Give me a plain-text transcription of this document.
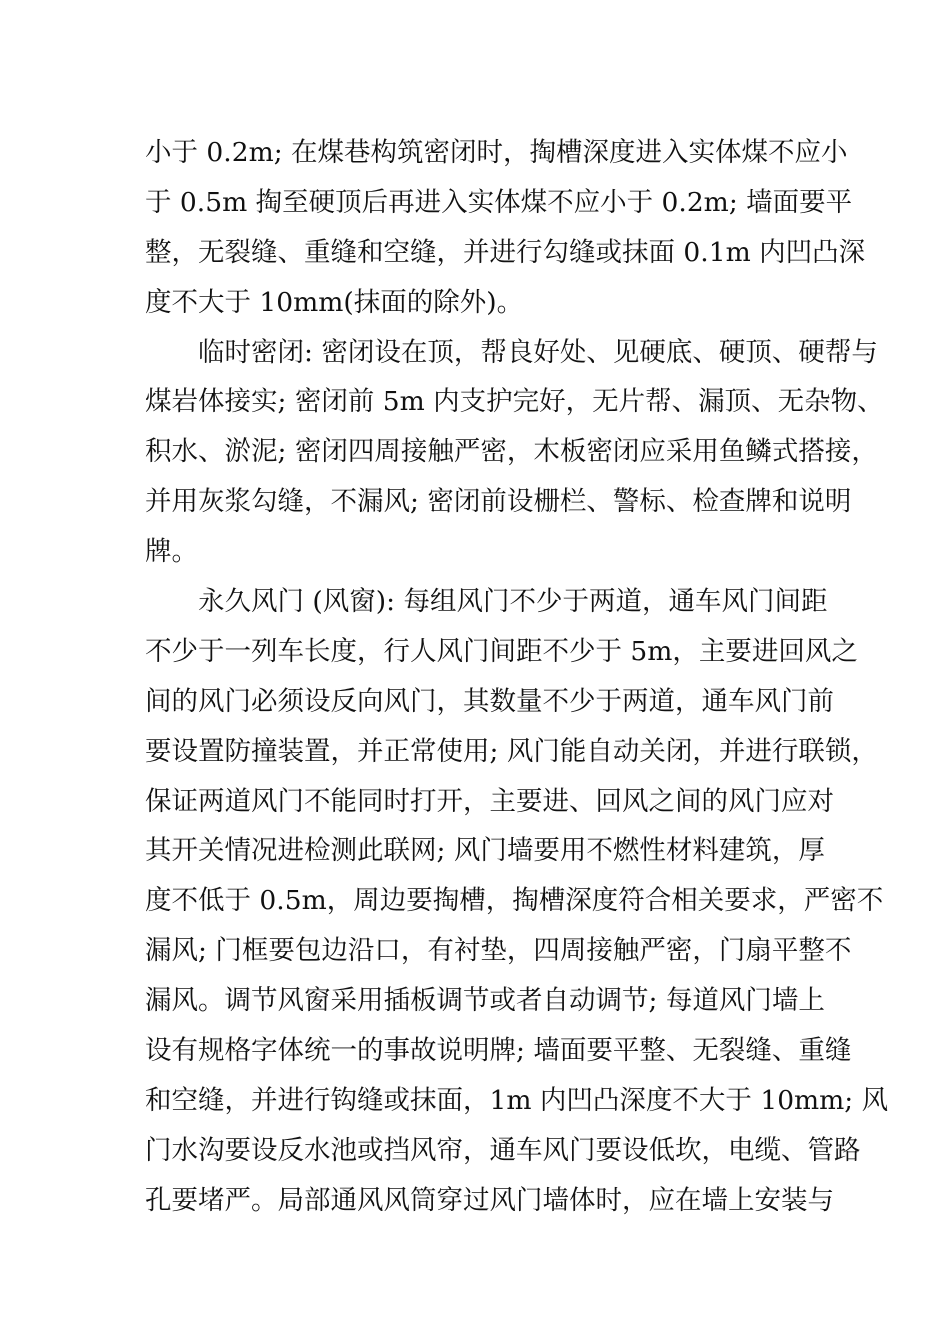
小于 0.2m; 在煤巷构筑密闭时，掏槽深度进入实体煤不应小
于 0.5m 掏至硬顶后再进入实体煤不应小于 0.2m; 墙面要平
整，无裂缝、重缝和空缝，并进行勾缝或抹面 0.1m 内凹凸深
度不大于 10mm(抹面的除外)。
临时密闭: 密闭设在顶，帮良好处、见硬底、硬顶、硬帮与
煤岩体接实; 密闭前 5m 内支护完好，无片帮、漏顶、无杂物、
积水、淤泥; 密闭四周接触严密，木板密闭应采用鱼鳞式搭接，
并用灰浆勾缝，不漏风; 密闭前设栅栏、警标、检查牌和说明
牌。
永久风门 (风窗): 每组风门不少于两道，通车风门间距
不少于一列车长度，行人风门间距不少于 5m，主要进回风之
间的风门必须设反向风门，其数量不少于两道，通车风门前
要设置防撞装置，并正常使用; 风门能自动关闭，并进行联锁，
保证两道风门不能同时打开，主要进、回风之间的风门应对
其开关情况进检测此联网; 风门墙要用不燃性材料建筑，厚
度不低于 0.5m，周边要掏槽，掏槽深度符合相关要求，严密不
漏风; 门框要包边沿口，有衬垫，四周接触严密，门扇平整不
漏风。调节风窗采用插板调节或者自动调节; 每道风门墙上
设有规格字体统一的事故说明牌; 墙面要平整、无裂缝、重缝
和空缝，并进行钩缝或抹面，1m 内凹凸深度不大于 10mm; 风
门水沟要设反水池或挡风帘，通车风门要设低坎，电缆、管路
孔要堵严。局部通风风筒穿过风门墙体时，应在墙上安装与
